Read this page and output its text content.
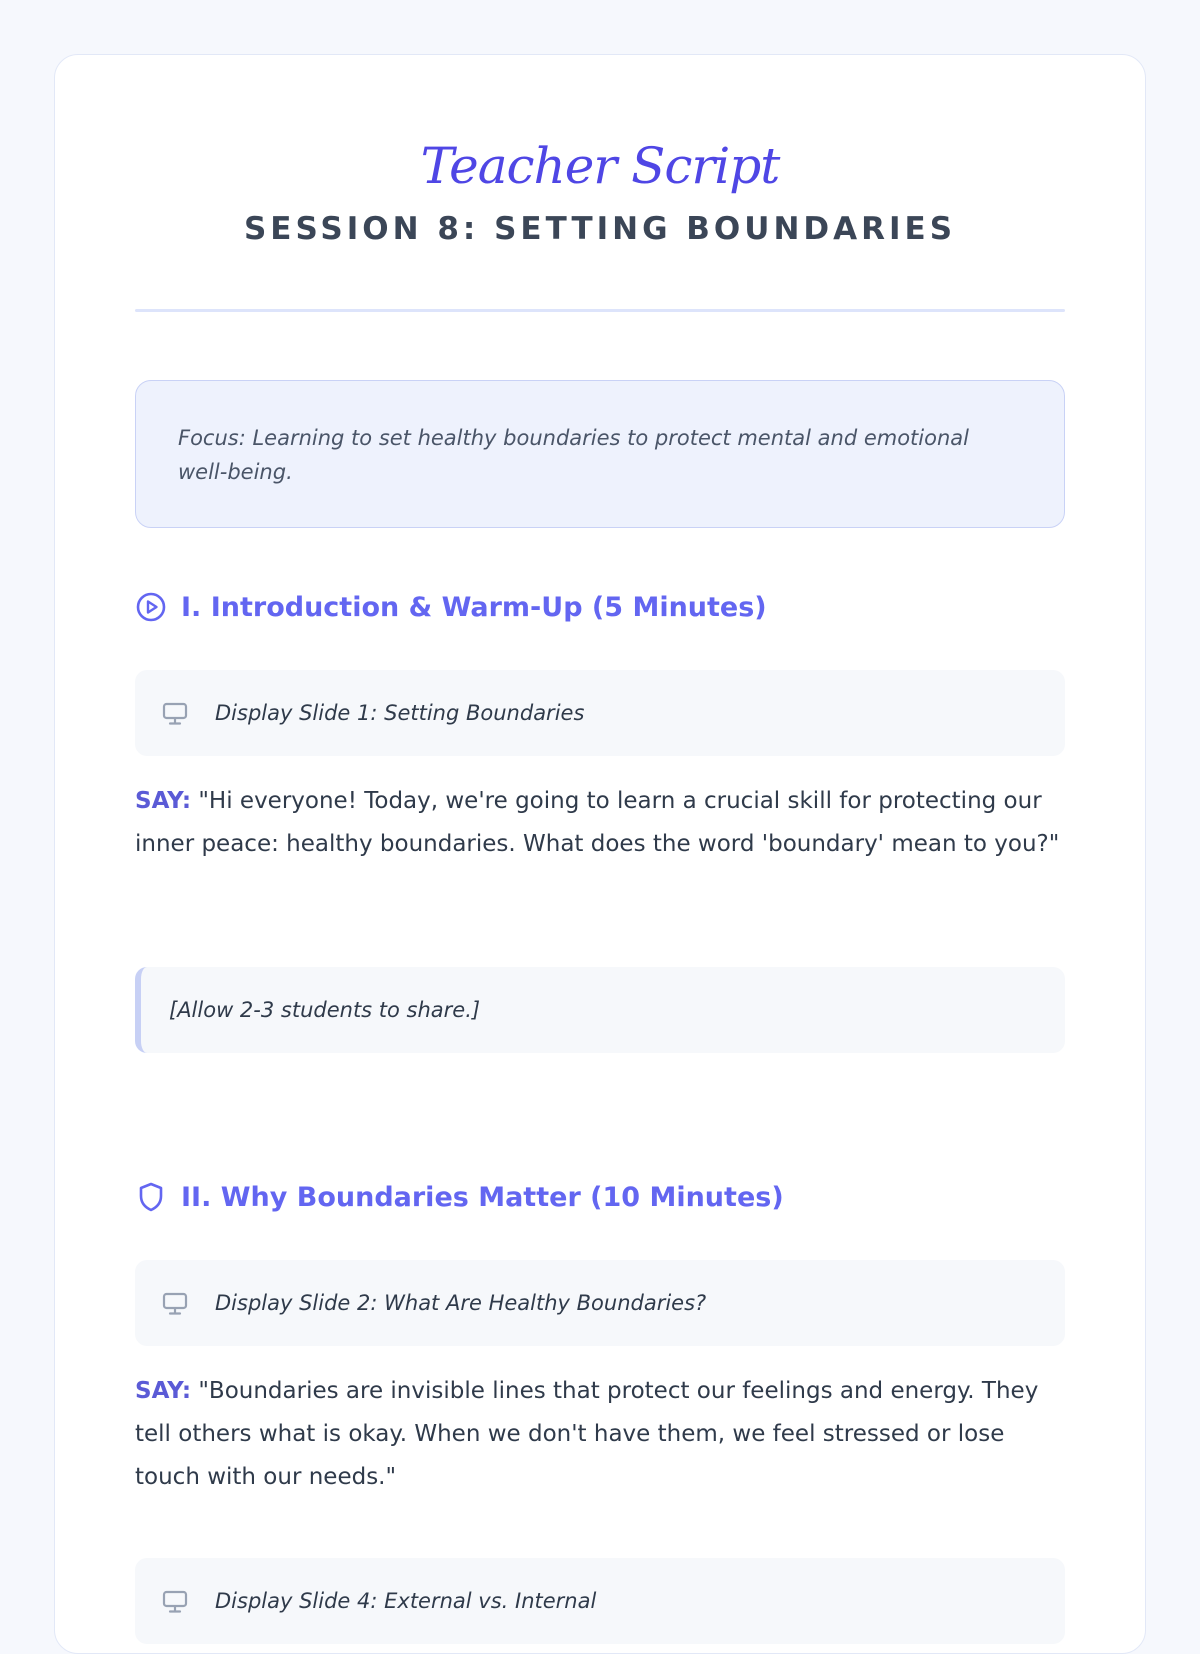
Teacher Script
SESSION 8: SETTING BOUNDARIES
Focus: Learning to set healthy boundaries to protect mental and emotional well-being.
I. Introduction & Warm-Up (5 Minutes)
Display Slide 1: Setting Boundaries
SAY: "Hi everyone! Today, we're going to learn a crucial skill for protecting our inner peace: healthy boundaries. What does the word 'boundary' mean to you?"
[Allow 2-3 students to share.]
II. Why Boundaries Matter (10 Minutes)
Display Slide 2: What Are Healthy Boundaries?
SAY: "Boundaries are invisible lines that protect our feelings and energy. They tell others what is okay. When we don't have them, we feel stressed or lose touch with our needs."
Display Slide 4: External vs. Internal
